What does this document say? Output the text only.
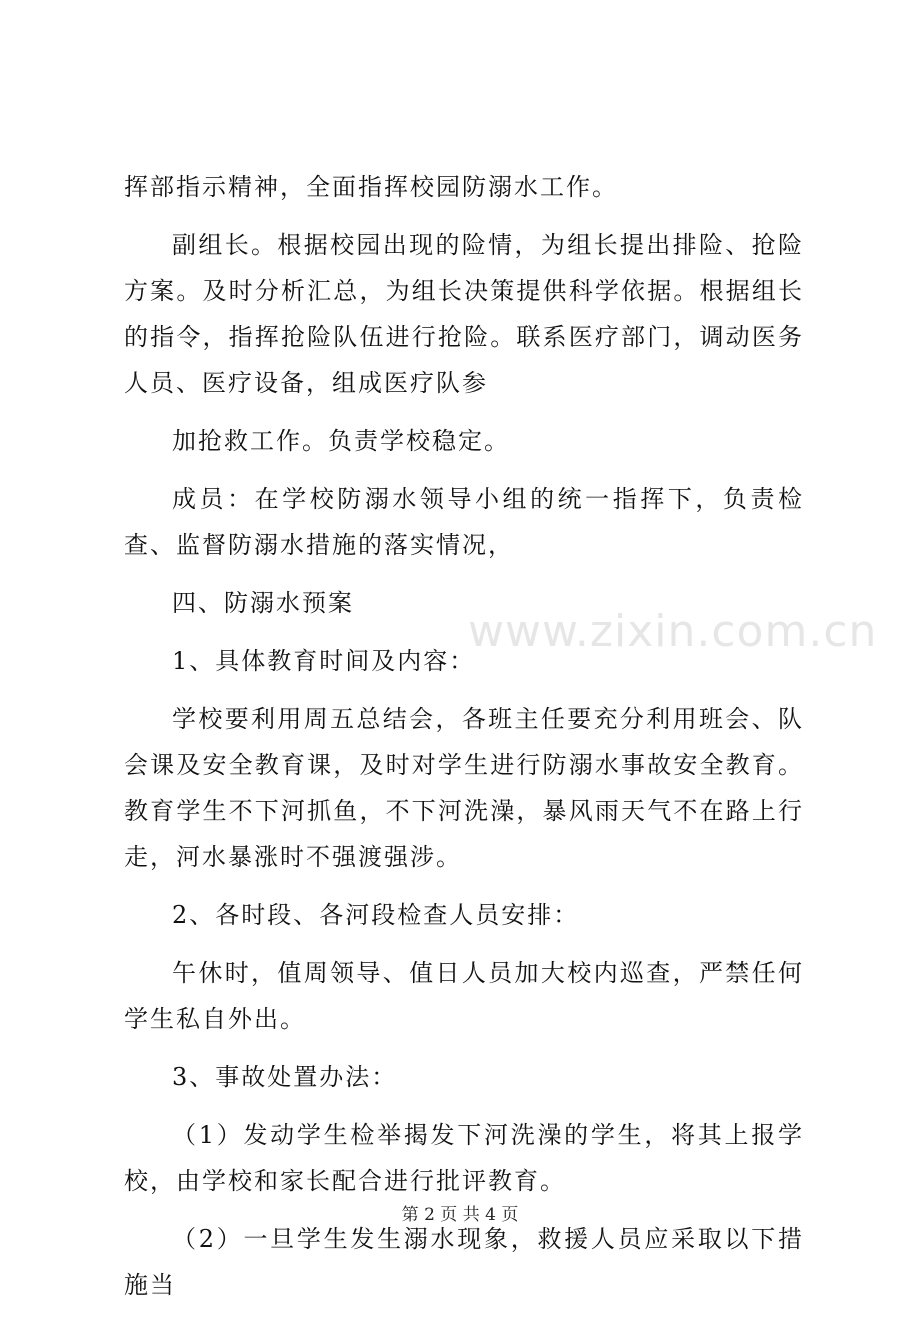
www.zixin.com.cn

挥部指示精神，全面指挥校园防溺水工作。

副组长。根据校园出现的险情，为组长提出排险、抢险方案。及时分析汇总，为组长决策提供科学依据。根据组长的指令，指挥抢险队伍进行抢险。联系医疗部门，调动医务人员、医疗设备，组成医疗队参

加抢救工作。负责学校稳定。

成员：在学校防溺水领导小组的统一指挥下，负责检查、监督防溺水措施的落实情况，

四、防溺水预案

1、具体教育时间及内容：

学校要利用周五总结会，各班主任要充分利用班会、队会课及安全教育课，及时对学生进行防溺水事故安全教育。教育学生不下河抓鱼，不下河洗澡，暴风雨天气不在路上行走，河水暴涨时不强渡强涉。

2、各时段、各河段检查人员安排：

午休时，值周领导、值日人员加大校内巡查，严禁任何学生私自外出。

3、事故处置办法：

（1）发动学生检举揭发下河洗澡的学生，将其上报学校，由学校和家长配合进行批评教育。

（2）一旦学生发生溺水现象，救援人员应采取以下措施当

第 2 页 共 4 页
